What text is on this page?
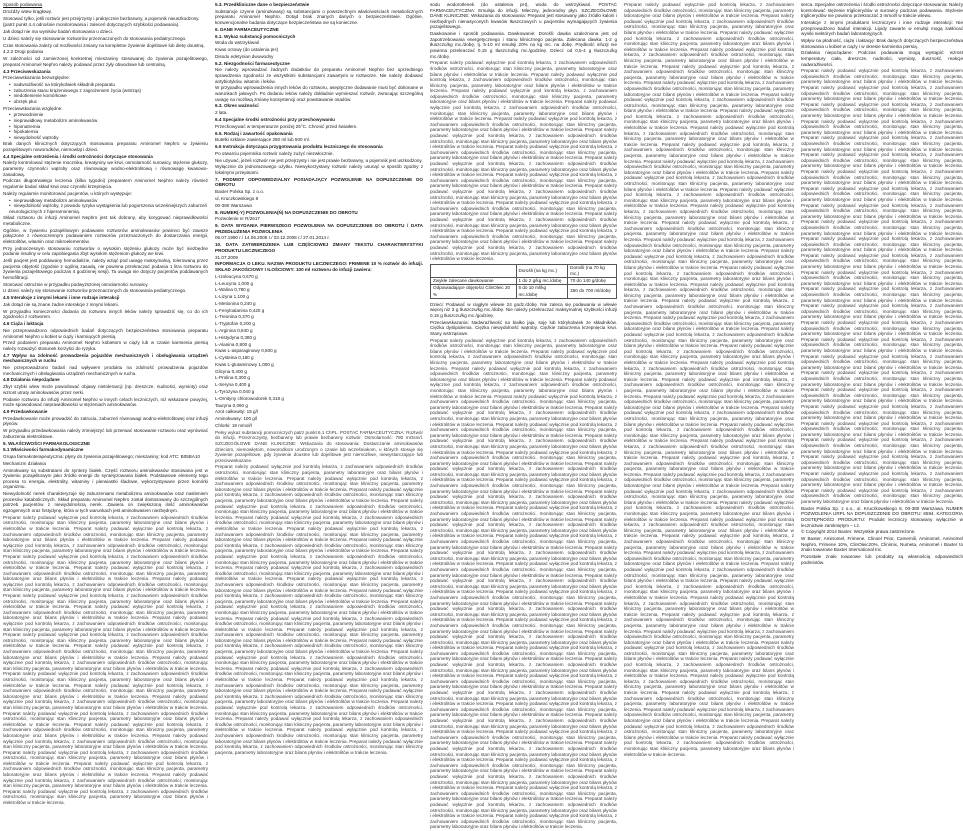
Sposób podawania

Drożdży wtew krągłowy.

Stosować tylko, jeśli roztwór jest przejrzysty i praktycznie bezbarwny, a pojemnik nieuszkodzony.

(patrz punkt 4.4 odnośnie monitorowania i zaleceń dotyczących szybkości podawania).

Jak dotąd nie ma wyników badań stosowania u dzieci.

U dzieci należy się stosowanie roztworów przeznaczonych do stosowania pediatrycznego.

Czas stosowania zależy od możliwości zmiany na kompletne żywienie dojelitowe lub dietę doustną.

4.2.2 Drogi podania

W zależności od zamierzonej konkretnej mieszaniny stosowanej do żywienia pozajelitowego, preparat Aminomel Nephro należy podawać przez żyły obwodowe lub centralną.

4.3 Przeciwwskazania

Przeciwwskazania bezwzględne:

• nadwrażliwość na którykolwiek składnik preparatu
• zaburzenia stanu krążeniowego z zagrożeniem życia (wstrząs)
• niedotlenienie komórkowe
• obrzęk płuc

Przeciwwskazania względne:

• przewodnienie
• nieprawidłowy metabolizm aminokwasów
• hiponatremia
• hipokalemia
• niewydolność wątroby

Brak danych klinicznych dotyczących stosowania preparatu Aminomel Nephro w żywieniu pozajelitowym noworodków, niemowląt i dzieci.

4.4 Specjalne ostrzeżenia i środki ostrożności dotyczące stosowania

Należy kontrolować stężenie mocznika, kreatyniny we krwi, osmolarność surowicy, stężenie glukozy, parametry czynności wątroby oraz równowagę wodno-elektrolitową i równowagę kwasowo-zasadową.

Podczas długotrwałego leczenia (kilka tygodni) preparatem Aminomel Nephro należy również regularnie badać skład krwi oraz czynniki krzepnięcia.

Należy regularnie monitorować pacjentów, u których występuje:

• nieprawidłowy metabolizm aminokwasów
• niewydolność wątroby, z powodu ryzyka wystąpienia lub pogorszenia wcześniejszych zaburzeń neurologicznych z hiperamonemią.

Skład roztworu do infuzji Aminomel Nephro jest tak dobrany, aby korygować nieprawidłowości metaboliczne.

Ogólnie, w żywieniu pozajelitowym podawanie roztworów aminokwasów powinno być zawsze połączone z równoczesnym podawaniem roztworów przeznaczonych do dostarczania energii, elektrolitów, witamin oraz mikroelementów.

Przy jednoczesnym stosowaniu roztworów o wysokim stężeniu glukozy może być niezbędne podanie insuliny w celu zapobiegania zbyt wysokim stężeniom glukozy we krwi.

Jeśli pacjent jest poddawany hemodializie, należy wziąć pod uwagę maksymalną, tolerowaną przez pacjenta objętość (zgodnie z ogólną zasadą, nie powinna przekraczać podania 1 litra roztworu do żywienia pozajelitowego podczas 4 godzinnej sesji). Ta uwaga nie dotyczy pacjentów poddawanych hemofiltracji.

Stosować ostrożnie w przypadku podwyższonej osmolarności surowicy.

U dzieci należy się stosowanie roztworów przeznaczonych do stosowania pediatrycznego.

4.5 Interakcje z innymi lekami i inne rodzaje interakcji

Jak dotąd nie są znane żadne interakcje z innymi lekami.

W przypadku konieczności dodania do roztworu innych leków należy sprawdzić się, co do ich zgodności z roztworem.

4.6 Ciąża i laktacja

Nie przeprowadzono odpowiednich badań dotyczących bezpieczeństwa stosowania preparatu Aminomel Nephro u kobiet w ciąży i karmiących piersią.

Przed podaniem preparatu Aminomel Nephro kobietom w ciąży lub w czasie karmienia piersią należy rozważyć stosunek korzyści do ryzyka.

4.7 Wpływ na zdolność prowadzenia pojazdów mechanicznych i obsługiwania urządzeń mechanicznych w ruchu

Nie przeprowadzono badań nad wpływem produktu na zdolność prowadzenia pojazdów mechanicznych i obsługiwania urządzeń mechanicznych w ruchu.

4.8 Działania niepożądane

Zbyt szybki wlew może powodować objawy nietolerancji (np. dreszcze, nudności, wymioty) oraz wzrost utraty aminokwasów przez nerki.

Podanie roztworu do infuzji Aminomel Nephro w innych celach leczniczych, niż wskazane powyżej, może spowodować nieprawidłowości w stężeniach aminokwasów.

4.9 Przedawkowanie

Przedawkowanie może prowadzić do zatrucia, zaburzeń równowagi wodno-elektrolitowej oraz infuzji płynów.

W przypadku przedawkowania należy zmniejszyć lub przerwać stosowanie roztworu oraz wyrównać zaburzenia elektrolitowe.

5. WŁAŚCIWOŚCI FARMAKOLOGICZNE

5.1 Właściwości farmakodynamiczne

Grupa farmakoterapeutyczna: płyny do żywienia pozajelitowego; mieszaniny; kod ATC: B05BA10

Mechanizm działania

Aminokwasy są substratami do syntezy białek. Część roztworu aminokwasów stosowana jest w żywieniu pozajelitowym jako źródło energii do syntetyzowania białek. Podstawowe elementy tego procesu to energia, elektrolity, witaminy i pierwiastki śladowe, wykorzystywane przez komórki organizmu.

Niewydolność nerek charakteryzuje się zaburzeniami metabolizmu aminokwasów oraz nasileniem procesów katabolicznych. Skład preparatu Aminomel Nephro został dostosowany do szczególnych potrzeb pacjentów z niewydolnością nerek. Zawiera on zwiększoną ilość aminokwasów egzogennych oraz histydynę, która w tych warunkach jest aminokwasem niezbędnym.

Preparat należy podawać wyłącznie pod kontrolą lekarza, z zachowaniem odpowiednich środków ostrożności, monitorując stan kliniczny pacjenta, parametry laboratoryjne oraz bilans płynów i elektrolitów w trakcie leczenia. Preparat należy podawać wyłącznie pod kontrolą lekarza, z zachowaniem odpowiednich środków ostrożności, monitorując stan kliniczny pacjenta, parametry laboratoryjne oraz bilans płynów i elektrolitów w trakcie leczenia. Preparat należy podawać wyłącznie pod kontrolą lekarza, z zachowaniem odpowiednich środków ostrożności, monitorując stan kliniczny pacjenta, parametry laboratoryjne oraz bilans płynów i elektrolitów w trakcie leczenia. Preparat należy podawać wyłącznie pod kontrolą lekarza, z zachowaniem odpowiednich środków ostrożności, monitorując stan kliniczny pacjenta, parametry laboratoryjne oraz bilans płynów i elektrolitów w trakcie leczenia. Preparat należy podawać wyłącznie pod kontrolą lekarza, z zachowaniem odpowiednich środków ostrożności, monitorując stan kliniczny pacjenta, parametry laboratoryjne oraz bilans płynów i elektrolitów w trakcie leczenia. Preparat należy podawać wyłącznie pod kontrolą lekarza, z zachowaniem odpowiednich środków ostrożności, monitorując stan kliniczny pacjenta, parametry laboratoryjne oraz bilans płynów i elektrolitów w trakcie leczenia. Preparat należy podawać wyłącznie pod kontrolą lekarza, z zachowaniem odpowiednich środków ostrożności, monitorując stan kliniczny pacjenta, parametry laboratoryjne oraz bilans płynów i elektrolitów w trakcie leczenia. Preparat należy podawać wyłącznie pod kontrolą lekarza, z zachowaniem odpowiednich środków ostrożności, monitorując stan kliniczny pacjenta, parametry laboratoryjne oraz bilans płynów i elektrolitów w trakcie leczenia. Preparat należy podawać wyłącznie pod kontrolą lekarza, z zachowaniem odpowiednich środków ostrożności, monitorując stan kliniczny pacjenta, parametry laboratoryjne oraz bilans płynów i elektrolitów w trakcie leczenia. Preparat należy podawać wyłącznie pod kontrolą lekarza, z zachowaniem odpowiednich środków ostrożności, monitorując stan kliniczny pacjenta, parametry laboratoryjne oraz bilans płynów i elektrolitów w trakcie leczenia. Preparat należy podawać wyłącznie pod kontrolą lekarza, z zachowaniem odpowiednich środków ostrożności, monitorując stan kliniczny pacjenta, parametry laboratoryjne oraz bilans płynów i elektrolitów w trakcie leczenia. Preparat należy podawać wyłącznie pod kontrolą lekarza, z zachowaniem odpowiednich środków ostrożności, monitorując stan kliniczny pacjenta, parametry laboratoryjne oraz bilans płynów i elektrolitów w trakcie leczenia. Preparat należy podawać wyłącznie pod kontrolą lekarza, z zachowaniem odpowiednich środków ostrożności, monitorując stan kliniczny pacjenta, parametry laboratoryjne oraz bilans płynów i elektrolitów w trakcie leczenia. Preparat należy podawać wyłącznie pod kontrolą lekarza, z zachowaniem odpowiednich środków ostrożności, monitorując stan kliniczny pacjenta, parametry laboratoryjne oraz bilans płynów i elektrolitów w trakcie leczenia. Preparat należy podawać wyłącznie pod kontrolą lekarza, z zachowaniem odpowiednich środków ostrożności, monitorując stan kliniczny pacjenta, parametry laboratoryjne oraz bilans płynów i elektrolitów w trakcie leczenia. Preparat należy podawać wyłącznie pod kontrolą lekarza, z zachowaniem odpowiednich środków ostrożności, monitorując stan kliniczny pacjenta, parametry laboratoryjne oraz bilans płynów i elektrolitów w trakcie leczenia. Preparat należy podawać wyłącznie pod kontrolą lekarza, z zachowaniem odpowiednich środków ostrożności, monitorując stan kliniczny pacjenta, parametry laboratoryjne oraz bilans płynów i elektrolitów w trakcie leczenia. Preparat należy podawać wyłącznie pod kontrolą lekarza, z zachowaniem odpowiednich środków ostrożności, monitorując stan kliniczny pacjenta, parametry laboratoryjne oraz bilans płynów i elektrolitów w trakcie leczenia. Preparat należy podawać wyłącznie pod kontrolą lekarza, z zachowaniem odpowiednich środków ostrożności, monitorując stan kliniczny pacjenta, parametry laboratoryjne oraz bilans płynów i elektrolitów w trakcie leczenia. Preparat należy podawać wyłącznie pod kontrolą lekarza, z zachowaniem odpowiednich środków ostrożności, monitorując stan kliniczny pacjenta, parametry laboratoryjne oraz bilans płynów i elektrolitów w trakcie leczenia. Preparat należy podawać wyłącznie pod kontrolą lekarza, z zachowaniem odpowiednich środków ostrożności, monitorując stan kliniczny pacjenta, parametry laboratoryjne oraz bilans płynów i elektrolitów w trakcie leczenia. Preparat należy podawać wyłącznie pod kontrolą lekarza, z zachowaniem odpowiednich środków ostrożności, monitorując stan kliniczny pacjenta, parametry laboratoryjne oraz bilans płynów i elektrolitów w trakcie leczenia.

5.3. Przedkliniczne dane o bezpieczeństwie

Substancje czynne (aminokwasy) są substancjami o powszechnym właściwościach metabolicznych preparatu Aminomel Nephro. Dotąd brak znanych danych o bezpieczeństwie. Ogólnie, konwencjonalne badania dotyczące bezpieczeństwa nie są konieczne.

6. DANE FARMACEUTYCZNE

6.1. Wykaz substancji pomocniczych

Woda do wstrzykiwań

Kwas octowy (do ustalenia pH)

Disodu edetynian dwuwodny

6.2. Niezgodności farmaceutyczne

Nie należy wprowadzać żadnych dodatków do preparatu Aminomel Nephro bez uprzedniego sprawdzenia zgodności ze wszystkimi substancjami zawartymi w roztworze. Nie należy dodawać antybiotyków, witamin i leków.

W przypadku wprowadzenia innych leków do roztworu, aseptyczne dodawanie musi być dokonane w warunkach jałowych. Po dodaniu leków należy dokładnie wymieszać roztwór, zwracając szczególną uwagę na możliwą zmianę konsystencji oraz powstawanie osadów.

6.3. Okres ważności

2 lata.

6.4 Specjalne środki ostrożności przy przechowywaniu

Przechowywać w temperaturze poniżej 25°C. Chronić przed światłem.

6.5. Rodzaj i zawartość opakowania

Butelki szklane zawierające 250 ml lub 500 ml.

6.6 Instrukcja dotycząca przygotowania produktu leczniczego do stosowania

Po otwarciu pojemnika roztwór należy zużyć niezwłocznie.

Nie używać, jeżeli roztwór nie jest przejrzysty i nie jest prawie bezbarwny, a pojemnik jest uszkodzony.

Wyłącznie do jednorazowego użytku. Niewykorzystany roztwór należy usunąć w sposób zgodny z lokalnymi przepisami.

7. PODMIOT ODPOWIEDZIALNY POSIADAJĄCY POZWOLENIE NA DOPUSZCZENIE DO OBROTU

Baxter Polska Sp. z o.o.

ul. Kruczkowskiego 8

00-380 Warszawa

8. NUMER(-Y) POZWOLENIA(Ń) NA DOPUSZCZENIE DO OBROTU

Pozwolenie nr R/2617

9. DATA WYDANIA PIERWSZEGO POZWOLENIA NA DOPUSZCZENIE DO OBROTU / DATA PRZEDŁUŻENIA POZWOLENIA

06.07.1990 r./ 14.06.2005 r./ 03.12.2008 r./ 27.01.2014 r.

10. DATA ZATWIERDZENIA LUB CZĘŚCIOWEJ ZMIANY TEKSTU CHARAKTERYSTYKI PRODUKTU LECZNICZEGO

31.07.2009

INFORMACJA O LEKU. NAZWA PRODUKTU LECZNICZEGO: FRIMENE 10 % roztwór do infuzji. SKŁAD JAKOŚCIOWY I ILOŚCIOWY: 100 ml roztworu do infuzji zawiera:

L-Izoleucyna 0,670 g

L-Leucyna 1,000 g

L-Walina 0,780 g

L-Lizyna 1,100 g

L-Metionina 0,240 g

L-Fenyloalanina 0,420 g

L-Treonina 0,370 g

L-Tryptofan 0,200 g

L-Arginina 0,840 g

L-Histydyna 0,380 g

L-Alanina 0,800 g

Kwas L-asparaginowy 0,600 g

L-Cysteina 0,180 g

Kwas L-glutaminowy 1,000 g

Glicyna 0,400 g

L-Prolina 0,300 g

L-Seryna 0,400 g

L-Tyrozyna 0,040 g

L-Ornityny chlorowodorek 0,318 g

Tauryna 0,060 g

Azot całkowity: 15 g/l

Aminokwasy: 100 g/l

Chlorki: 19 mmol/l

Pełny wykaz substancji pomocniczych patrz punkt 6.1 ChPL. POSTAĆ FARMACEUTYCZNA: Roztwór do infuzji. Przezroczysty, bezbarwny lub prawie bezbarwny roztwór. Osmolarność: 780 mOsm/l. SZCZEGÓŁOWE DANE KLINICZNE: Wskazania do stosowania: Dostarczanie aminokwasów dzieciom, niemowlętom, noworodkom urodzonym o czasie lub wcześniakom, u których stosuje się żywienie pozajelitowe, gdy żywienie doustne lub dojelitowe jest niemożliwe, niewystarczające lub przeciwwskazane.

Preparat należy podawać wyłącznie pod kontrolą lekarza, z zachowaniem odpowiednich środków ostrożności, monitorując stan kliniczny pacjenta, parametry laboratoryjne oraz bilans płynów i elektrolitów w trakcie leczenia. Preparat należy podawać wyłącznie pod kontrolą lekarza, z zachowaniem odpowiednich środków ostrożności, monitorując stan kliniczny pacjenta, parametry laboratoryjne oraz bilans płynów i elektrolitów w trakcie leczenia. Preparat należy podawać wyłącznie pod kontrolą lekarza, z zachowaniem odpowiednich środków ostrożności, monitorując stan kliniczny pacjenta, parametry laboratoryjne oraz bilans płynów i elektrolitów w trakcie leczenia. Preparat należy podawać wyłącznie pod kontrolą lekarza, z zachowaniem odpowiednich środków ostrożności, monitorując stan kliniczny pacjenta, parametry laboratoryjne oraz bilans płynów i elektrolitów w trakcie leczenia. Preparat należy podawać wyłącznie pod kontrolą lekarza, z zachowaniem odpowiednich środków ostrożności, monitorując stan kliniczny pacjenta, parametry laboratoryjne oraz bilans płynów i elektrolitów w trakcie leczenia. Preparat należy podawać wyłącznie pod kontrolą lekarza, z zachowaniem odpowiednich środków ostrożności, monitorując stan kliniczny pacjenta, parametry laboratoryjne oraz bilans płynów i elektrolitów w trakcie leczenia. Preparat należy podawać wyłącznie pod kontrolą lekarza, z zachowaniem odpowiednich środków ostrożności, monitorując stan kliniczny pacjenta, parametry laboratoryjne oraz bilans płynów i elektrolitów w trakcie leczenia. Preparat należy podawać wyłącznie pod kontrolą lekarza, z zachowaniem odpowiednich środków ostrożności, monitorując stan kliniczny pacjenta, parametry laboratoryjne oraz bilans płynów i elektrolitów w trakcie leczenia. Preparat należy podawać wyłącznie pod kontrolą lekarza, z zachowaniem odpowiednich środków ostrożności, monitorując stan kliniczny pacjenta, parametry laboratoryjne oraz bilans płynów i elektrolitów w trakcie leczenia. Preparat należy podawać wyłącznie pod kontrolą lekarza, z zachowaniem odpowiednich środków ostrożności, monitorując stan kliniczny pacjenta, parametry laboratoryjne oraz bilans płynów i elektrolitów w trakcie leczenia. Preparat należy podawać wyłącznie pod kontrolą lekarza, z zachowaniem odpowiednich środków ostrożności, monitorując stan kliniczny pacjenta, parametry laboratoryjne oraz bilans płynów i elektrolitów w trakcie leczenia. Preparat należy podawać wyłącznie pod kontrolą lekarza, z zachowaniem odpowiednich środków ostrożności, monitorując stan kliniczny pacjenta, parametry laboratoryjne oraz bilans płynów i elektrolitów w trakcie leczenia. Preparat należy podawać wyłącznie pod kontrolą lekarza, z zachowaniem odpowiednich środków ostrożności, monitorując stan kliniczny pacjenta, parametry laboratoryjne oraz bilans płynów i elektrolitów w trakcie leczenia. Preparat należy podawać wyłącznie pod kontrolą lekarza, z zachowaniem odpowiednich środków ostrożności, monitorując stan kliniczny pacjenta, parametry laboratoryjne oraz bilans płynów i elektrolitów w trakcie leczenia. Preparat należy podawać wyłącznie pod kontrolą lekarza, z zachowaniem odpowiednich środków ostrożności, monitorując stan kliniczny pacjenta, parametry laboratoryjne oraz bilans płynów i elektrolitów w trakcie leczenia. Preparat należy podawać wyłącznie pod kontrolą lekarza, z zachowaniem odpowiednich środków ostrożności, monitorując stan kliniczny pacjenta, parametry laboratoryjne oraz bilans płynów i elektrolitów w trakcie leczenia. Preparat należy podawać wyłącznie pod kontrolą lekarza, z zachowaniem odpowiednich środków ostrożności, monitorując stan kliniczny pacjenta, parametry laboratoryjne oraz bilans płynów i elektrolitów w trakcie leczenia. Preparat należy podawać wyłącznie pod kontrolą lekarza, z zachowaniem odpowiednich środków ostrożności, monitorując stan kliniczny pacjenta, parametry laboratoryjne oraz bilans płynów i elektrolitów w trakcie leczenia. Preparat należy podawać wyłącznie pod kontrolą lekarza, z zachowaniem odpowiednich środków ostrożności, monitorując stan kliniczny pacjenta, parametry laboratoryjne oraz bilans płynów i elektrolitów w trakcie leczenia. Preparat należy podawać wyłącznie pod kontrolą lekarza, z zachowaniem odpowiednich środków ostrożności, monitorując stan kliniczny pacjenta, parametry laboratoryjne oraz bilans płynów i elektrolitów w trakcie leczenia. Preparat należy podawać wyłącznie pod kontrolą lekarza, z zachowaniem odpowiednich środków ostrożności, monitorując stan kliniczny pacjenta, parametry laboratoryjne oraz bilans płynów i elektrolitów w trakcie leczenia. Preparat należy podawać wyłącznie pod kontrolą lekarza, z zachowaniem odpowiednich środków ostrożności, monitorując stan kliniczny pacjenta, parametry laboratoryjne oraz bilans płynów i elektrolitów w trakcie leczenia. Preparat należy podawać wyłącznie pod kontrolą lekarza, z zachowaniem odpowiednich środków ostrożności, monitorując stan kliniczny pacjenta, parametry laboratoryjne oraz bilans płynów i elektrolitów w trakcie leczenia.

sodu wodorotlenek (do ustalenia pH), woda do wstrzykiwań. POSTAĆ FARMACEUTYCZNA: Emulsja do infuzji. Mleczny, jednorodny płyn. SZCZEGÓŁOWE DANE KLINICZNE: Wskazania do stosowania: Preparat jest stosowany jako źródło kalorii i niezbędnych nienasyconych kwasów tłuszczowych u pacjentów wymagających żywienia pozajelitowego.

Dawkowanie i sposób podawania. Dawkowanie: Dorośli: dawka uzależniona jest od zapotrzebowania energetycznego i stanu klinicznego pacjenta. Zalecana dawka: 1-2 g tłuszczu/kg mc./dobę, tj. 5-10 ml emulsji 20% na kg mc. na dobę. Prędkość infuzji nie powinna przekraczać 0,15 g tłuszczu/kg mc./godzinę. Dzieci: od 0,5-4 g tłuszczu/kg mc./dobę.

Preparat należy podawać wyłącznie pod kontrolą lekarza, z zachowaniem odpowiednich środków ostrożności, monitorując stan kliniczny pacjenta, parametry laboratoryjne oraz bilans płynów i elektrolitów w trakcie leczenia. Preparat należy podawać wyłącznie pod kontrolą lekarza, z zachowaniem odpowiednich środków ostrożności, monitorując stan kliniczny pacjenta, parametry laboratoryjne oraz bilans płynów i elektrolitów w trakcie leczenia. Preparat należy podawać wyłącznie pod kontrolą lekarza, z zachowaniem odpowiednich środków ostrożności, monitorując stan kliniczny pacjenta, parametry laboratoryjne oraz bilans płynów i elektrolitów w trakcie leczenia. Preparat należy podawać wyłącznie pod kontrolą lekarza, z zachowaniem odpowiednich środków ostrożności, monitorując stan kliniczny pacjenta, parametry laboratoryjne oraz bilans płynów i elektrolitów w trakcie leczenia. Preparat należy podawać wyłącznie pod kontrolą lekarza, z zachowaniem odpowiednich środków ostrożności, monitorując stan kliniczny pacjenta, parametry laboratoryjne oraz bilans płynów i elektrolitów w trakcie leczenia. Preparat należy podawać wyłącznie pod kontrolą lekarza, z zachowaniem odpowiednich środków ostrożności, monitorując stan kliniczny pacjenta, parametry laboratoryjne oraz bilans płynów i elektrolitów w trakcie leczenia. Preparat należy podawać wyłącznie pod kontrolą lekarza, z zachowaniem odpowiednich środków ostrożności, monitorując stan kliniczny pacjenta, parametry laboratoryjne oraz bilans płynów i elektrolitów w trakcie leczenia. Preparat należy podawać wyłącznie pod kontrolą lekarza, z zachowaniem odpowiednich środków ostrożności, monitorując stan kliniczny pacjenta, parametry laboratoryjne oraz bilans płynów i elektrolitów w trakcie leczenia. Preparat należy podawać wyłącznie pod kontrolą lekarza, z zachowaniem odpowiednich środków ostrożności, monitorując stan kliniczny pacjenta, parametry laboratoryjne oraz bilans płynów i elektrolitów w trakcie leczenia. Preparat należy podawać wyłącznie pod kontrolą lekarza, z zachowaniem odpowiednich środków ostrożności, monitorując stan kliniczny pacjenta, parametry laboratoryjne oraz bilans płynów i elektrolitów w trakcie leczenia. Preparat należy podawać wyłącznie pod kontrolą lekarza, z zachowaniem odpowiednich środków ostrożności, monitorując stan kliniczny pacjenta, parametry laboratoryjne oraz bilans płynów i elektrolitów w trakcie leczenia. Preparat należy podawać wyłącznie pod kontrolą lekarza, z zachowaniem odpowiednich środków ostrożności, monitorując stan kliniczny pacjenta, parametry laboratoryjne oraz bilans płynów i elektrolitów w trakcie leczenia. Preparat należy podawać wyłącznie pod kontrolą lekarza, z zachowaniem odpowiednich środków ostrożności, monitorując stan kliniczny pacjenta, parametry laboratoryjne oraz bilans płynów i elektrolitów w trakcie leczenia. Preparat należy podawać wyłącznie pod kontrolą lekarza, z zachowaniem odpowiednich środków ostrożności, monitorując stan kliniczny pacjenta, parametry laboratoryjne oraz bilans płynów i elektrolitów w trakcie leczenia.

	Dorośli (na kg mc.)	Dorośli (na 70 kg mc.)
Zwykłe zalecane dawkowanie	1 do 2 g/kg mc./dobę	70 do 140 g/dobę
Odpowiadające objętości ClinOleic 20 %	5 do 10 ml/kg mc./dobę	350 do 700 ml/dobę

Dzieci: Podawać w ciągłym wlewie 24 godz./dobę. Nie zaleca się podawania w wlewie więcej niż 3 g tłuszczu/kg mc./dobę. Nie należy przekraczać maksymalnej szybkości infuzji 0,15 g tłuszczu/kg mc./godzinę.

Przeciwwskazania: Nadwrażliwość na białko jaja, soję lub którykolwiek ze składników. Ciężka dyslipidemia. Ciężka niewydolność wątroby. Ciężkie zaburzenia krzepnięcia krwi. Stany wstrząsowe.

Preparat należy podawać wyłącznie pod kontrolą lekarza, z zachowaniem odpowiednich środków ostrożności, monitorując stan kliniczny pacjenta, parametry laboratoryjne oraz bilans płynów i elektrolitów w trakcie leczenia. Preparat należy podawać wyłącznie pod kontrolą lekarza, z zachowaniem odpowiednich środków ostrożności, monitorując stan kliniczny pacjenta, parametry laboratoryjne oraz bilans płynów i elektrolitów w trakcie leczenia. Preparat należy podawać wyłącznie pod kontrolą lekarza, z zachowaniem odpowiednich środków ostrożności, monitorując stan kliniczny pacjenta, parametry laboratoryjne oraz bilans płynów i elektrolitów w trakcie leczenia. Preparat należy podawać wyłącznie pod kontrolą lekarza, z zachowaniem odpowiednich środków ostrożności, monitorując stan kliniczny pacjenta, parametry laboratoryjne oraz bilans płynów i elektrolitów w trakcie leczenia. Preparat należy podawać wyłącznie pod kontrolą lekarza, z zachowaniem odpowiednich środków ostrożności, monitorując stan kliniczny pacjenta, parametry laboratoryjne oraz bilans płynów i elektrolitów w trakcie leczenia. Preparat należy podawać wyłącznie pod kontrolą lekarza, z zachowaniem odpowiednich środków ostrożności, monitorując stan kliniczny pacjenta, parametry laboratoryjne oraz bilans płynów i elektrolitów w trakcie leczenia. Preparat należy podawać wyłącznie pod kontrolą lekarza, z zachowaniem odpowiednich środków ostrożności, monitorując stan kliniczny pacjenta, parametry laboratoryjne oraz bilans płynów i elektrolitów w trakcie leczenia. Preparat należy podawać wyłącznie pod kontrolą lekarza, z zachowaniem odpowiednich środków ostrożności, monitorując stan kliniczny pacjenta, parametry laboratoryjne oraz bilans płynów i elektrolitów w trakcie leczenia. Preparat należy podawać wyłącznie pod kontrolą lekarza, z zachowaniem odpowiednich środków ostrożności, monitorując stan kliniczny pacjenta, parametry laboratoryjne oraz bilans płynów i elektrolitów w trakcie leczenia. Preparat należy podawać wyłącznie pod kontrolą lekarza, z zachowaniem odpowiednich środków ostrożności, monitorując stan kliniczny pacjenta, parametry laboratoryjne oraz bilans płynów i elektrolitów w trakcie leczenia. Preparat należy podawać wyłącznie pod kontrolą lekarza, z zachowaniem odpowiednich środków ostrożności, monitorując stan kliniczny pacjenta, parametry laboratoryjne oraz bilans płynów i elektrolitów w trakcie leczenia. Preparat należy podawać wyłącznie pod kontrolą lekarza, z zachowaniem odpowiednich środków ostrożności, monitorując stan kliniczny pacjenta, parametry laboratoryjne oraz bilans płynów i elektrolitów w trakcie leczenia. Preparat należy podawać wyłącznie pod kontrolą lekarza, z zachowaniem odpowiednich środków ostrożności, monitorując stan kliniczny pacjenta, parametry laboratoryjne oraz bilans płynów i elektrolitów w trakcie leczenia. Preparat należy podawać wyłącznie pod kontrolą lekarza, z zachowaniem odpowiednich środków ostrożności, monitorując stan kliniczny pacjenta, parametry laboratoryjne oraz bilans płynów i elektrolitów w trakcie leczenia. Preparat należy podawać wyłącznie pod kontrolą lekarza, z zachowaniem odpowiednich środków ostrożności, monitorując stan kliniczny pacjenta, parametry laboratoryjne oraz bilans płynów i elektrolitów w trakcie leczenia. Preparat należy podawać wyłącznie pod kontrolą lekarza, z zachowaniem odpowiednich środków ostrożności, monitorując stan kliniczny pacjenta, parametry laboratoryjne oraz bilans płynów i elektrolitów w trakcie leczenia. Preparat należy podawać wyłącznie pod kontrolą lekarza, z zachowaniem odpowiednich środków ostrożności, monitorując stan kliniczny pacjenta, parametry laboratoryjne oraz bilans płynów i elektrolitów w trakcie leczenia. Preparat należy podawać wyłącznie pod kontrolą lekarza, z zachowaniem odpowiednich środków ostrożności, monitorując stan kliniczny pacjenta, parametry laboratoryjne oraz bilans płynów i elektrolitów w trakcie leczenia. Preparat należy podawać wyłącznie pod kontrolą lekarza, z zachowaniem odpowiednich środków ostrożności, monitorując stan kliniczny pacjenta, parametry laboratoryjne oraz bilans płynów i elektrolitów w trakcie leczenia. Preparat należy podawać wyłącznie pod kontrolą lekarza, z zachowaniem odpowiednich środków ostrożności, monitorując stan kliniczny pacjenta, parametry laboratoryjne oraz bilans płynów i elektrolitów w trakcie leczenia. Preparat należy podawać wyłącznie pod kontrolą lekarza, z zachowaniem odpowiednich środków ostrożności, monitorując stan kliniczny pacjenta, parametry laboratoryjne oraz bilans płynów i elektrolitów w trakcie leczenia. Preparat należy podawać wyłącznie pod kontrolą lekarza, z zachowaniem odpowiednich środków ostrożności, monitorując stan kliniczny pacjenta, parametry laboratoryjne oraz bilans płynów i elektrolitów w trakcie leczenia. Preparat należy podawać wyłącznie pod kontrolą lekarza, z zachowaniem odpowiednich środków ostrożności, monitorując stan kliniczny pacjenta, parametry laboratoryjne oraz bilans płynów i elektrolitów w trakcie leczenia. Preparat należy podawać wyłącznie pod kontrolą lekarza, z zachowaniem odpowiednich środków ostrożności, monitorując stan kliniczny pacjenta, parametry laboratoryjne oraz bilans płynów i elektrolitów w trakcie leczenia. Preparat należy podawać wyłącznie pod kontrolą lekarza, z zachowaniem odpowiednich środków ostrożności, monitorując stan kliniczny pacjenta, parametry laboratoryjne oraz bilans płynów i elektrolitów w trakcie leczenia. Preparat należy podawać wyłącznie pod kontrolą lekarza, z zachowaniem odpowiednich środków ostrożności, monitorując stan kliniczny pacjenta, parametry laboratoryjne oraz bilans płynów i elektrolitów w trakcie leczenia. Preparat należy podawać wyłącznie pod kontrolą lekarza, z zachowaniem odpowiednich środków ostrożności, monitorując stan kliniczny pacjenta, parametry laboratoryjne oraz bilans płynów i elektrolitów w trakcie leczenia. Preparat należy podawać wyłącznie pod kontrolą lekarza, z zachowaniem odpowiednich środków ostrożności, monitorując stan kliniczny pacjenta, parametry laboratoryjne oraz bilans płynów i elektrolitów w trakcie leczenia. Preparat należy podawać wyłącznie pod kontrolą lekarza, z zachowaniem odpowiednich środków ostrożności, monitorując stan kliniczny pacjenta, parametry laboratoryjne oraz bilans płynów i elektrolitów w trakcie leczenia. Preparat należy podawać wyłącznie pod kontrolą lekarza, z zachowaniem odpowiednich środków ostrożności, monitorując stan kliniczny pacjenta, parametry laboratoryjne oraz bilans płynów i elektrolitów w trakcie leczenia. Preparat należy podawać wyłącznie pod kontrolą lekarza, z zachowaniem odpowiednich środków ostrożności, monitorując stan kliniczny pacjenta, parametry laboratoryjne oraz bilans płynów i elektrolitów w trakcie leczenia. Preparat należy podawać wyłącznie pod kontrolą lekarza, z zachowaniem odpowiednich środków ostrożności, monitorując stan kliniczny pacjenta, parametry laboratoryjne oraz bilans płynów i elektrolitów w trakcie leczenia. Preparat należy podawać wyłącznie pod kontrolą lekarza, z zachowaniem odpowiednich środków ostrożności, monitorując stan kliniczny pacjenta, parametry laboratoryjne oraz bilans płynów i elektrolitów w trakcie leczenia. Preparat należy podawać wyłącznie pod kontrolą lekarza, z zachowaniem odpowiednich środków ostrożności, monitorując stan kliniczny pacjenta, parametry laboratoryjne oraz bilans płynów i elektrolitów w trakcie leczenia. Preparat należy podawać wyłącznie pod kontrolą lekarza, z zachowaniem odpowiednich środków ostrożności, monitorując stan kliniczny pacjenta, parametry laboratoryjne oraz bilans płynów i elektrolitów w trakcie leczenia.

Preparat należy podawać wyłącznie pod kontrolą lekarza, z zachowaniem odpowiednich środków ostrożności, monitorując stan kliniczny pacjenta, parametry laboratoryjne oraz bilans płynów i elektrolitów w trakcie leczenia. Preparat należy podawać wyłącznie pod kontrolą lekarza, z zachowaniem odpowiednich środków ostrożności, monitorując stan kliniczny pacjenta, parametry laboratoryjne oraz bilans płynów i elektrolitów w trakcie leczenia. Preparat należy podawać wyłącznie pod kontrolą lekarza, z zachowaniem odpowiednich środków ostrożności, monitorując stan kliniczny pacjenta, parametry laboratoryjne oraz bilans płynów i elektrolitów w trakcie leczenia. Preparat należy podawać wyłącznie pod kontrolą lekarza, z zachowaniem odpowiednich środków ostrożności, monitorując stan kliniczny pacjenta, parametry laboratoryjne oraz bilans płynów i elektrolitów w trakcie leczenia. Preparat należy podawać wyłącznie pod kontrolą lekarza, z zachowaniem odpowiednich środków ostrożności, monitorując stan kliniczny pacjenta, parametry laboratoryjne oraz bilans płynów i elektrolitów w trakcie leczenia. Preparat należy podawać wyłącznie pod kontrolą lekarza, z zachowaniem odpowiednich środków ostrożności, monitorując stan kliniczny pacjenta, parametry laboratoryjne oraz bilans płynów i elektrolitów w trakcie leczenia. Preparat należy podawać wyłącznie pod kontrolą lekarza, z zachowaniem odpowiednich środków ostrożności, monitorując stan kliniczny pacjenta, parametry laboratoryjne oraz bilans płynów i elektrolitów w trakcie leczenia. Preparat należy podawać wyłącznie pod kontrolą lekarza, z zachowaniem odpowiednich środków ostrożności, monitorując stan kliniczny pacjenta, parametry laboratoryjne oraz bilans płynów i elektrolitów w trakcie leczenia. Preparat należy podawać wyłącznie pod kontrolą lekarza, z zachowaniem odpowiednich środków ostrożności, monitorując stan kliniczny pacjenta, parametry laboratoryjne oraz bilans płynów i elektrolitów w trakcie leczenia. Preparat należy podawać wyłącznie pod kontrolą lekarza, z zachowaniem odpowiednich środków ostrożności, monitorując stan kliniczny pacjenta, parametry laboratoryjne oraz bilans płynów i elektrolitów w trakcie leczenia. Preparat należy podawać wyłącznie pod kontrolą lekarza, z zachowaniem odpowiednich środków ostrożności, monitorując stan kliniczny pacjenta, parametry laboratoryjne oraz bilans płynów i elektrolitów w trakcie leczenia. Preparat należy podawać wyłącznie pod kontrolą lekarza, z zachowaniem odpowiednich środków ostrożności, monitorując stan kliniczny pacjenta, parametry laboratoryjne oraz bilans płynów i elektrolitów w trakcie leczenia. Preparat należy podawać wyłącznie pod kontrolą lekarza, z zachowaniem odpowiednich środków ostrożności, monitorując stan kliniczny pacjenta, parametry laboratoryjne oraz bilans płynów i elektrolitów w trakcie leczenia. Preparat należy podawać wyłącznie pod kontrolą lekarza, z zachowaniem odpowiednich środków ostrożności, monitorując stan kliniczny pacjenta, parametry laboratoryjne oraz bilans płynów i elektrolitów w trakcie leczenia. Preparat należy podawać wyłącznie pod kontrolą lekarza, z zachowaniem odpowiednich środków ostrożności, monitorując stan kliniczny pacjenta, parametry laboratoryjne oraz bilans płynów i elektrolitów w trakcie leczenia. Preparat należy podawać wyłącznie pod kontrolą lekarza, z zachowaniem odpowiednich środków ostrożności, monitorując stan kliniczny pacjenta, parametry laboratoryjne oraz bilans płynów i elektrolitów w trakcie leczenia. Preparat należy podawać wyłącznie pod kontrolą lekarza, z zachowaniem odpowiednich środków ostrożności, monitorując stan kliniczny pacjenta, parametry laboratoryjne oraz bilans płynów i elektrolitów w trakcie leczenia. Preparat należy podawać wyłącznie pod kontrolą lekarza, z zachowaniem odpowiednich środków ostrożności, monitorując stan kliniczny pacjenta, parametry laboratoryjne oraz bilans płynów i elektrolitów w trakcie leczenia. Preparat należy podawać wyłącznie pod kontrolą lekarza, z zachowaniem odpowiednich środków ostrożności, monitorując stan kliniczny pacjenta, parametry laboratoryjne oraz bilans płynów i elektrolitów w trakcie leczenia. Preparat należy podawać wyłącznie pod kontrolą lekarza, z zachowaniem odpowiednich środków ostrożności, monitorując stan kliniczny pacjenta, parametry laboratoryjne oraz bilans płynów i elektrolitów w trakcie leczenia. Preparat należy podawać wyłącznie pod kontrolą lekarza, z zachowaniem odpowiednich środków ostrożności, monitorując stan kliniczny pacjenta, parametry laboratoryjne oraz bilans płynów i elektrolitów w trakcie leczenia. Preparat należy podawać wyłącznie pod kontrolą lekarza, z zachowaniem odpowiednich środków ostrożności, monitorując stan kliniczny pacjenta, parametry laboratoryjne oraz bilans płynów i elektrolitów w trakcie leczenia. Preparat należy podawać wyłącznie pod kontrolą lekarza, z zachowaniem odpowiednich środków ostrożności, monitorując stan kliniczny pacjenta, parametry laboratoryjne oraz bilans płynów i elektrolitów w trakcie leczenia. Preparat należy podawać wyłącznie pod kontrolą lekarza, z zachowaniem odpowiednich środków ostrożności, monitorując stan kliniczny pacjenta, parametry laboratoryjne oraz bilans płynów i elektrolitów w trakcie leczenia. Preparat należy podawać wyłącznie pod kontrolą lekarza, z zachowaniem odpowiednich środków ostrożności, monitorując stan kliniczny pacjenta, parametry laboratoryjne oraz bilans płynów i elektrolitów w trakcie leczenia. Preparat należy podawać wyłącznie pod kontrolą lekarza, z zachowaniem odpowiednich środków ostrożności, monitorując stan kliniczny pacjenta, parametry laboratoryjne oraz bilans płynów i elektrolitów w trakcie leczenia. Preparat należy podawać wyłącznie pod kontrolą lekarza, z zachowaniem odpowiednich środków ostrożności, monitorując stan kliniczny pacjenta, parametry laboratoryjne oraz bilans płynów i elektrolitów w trakcie leczenia. Preparat należy podawać wyłącznie pod kontrolą lekarza, z zachowaniem odpowiednich środków ostrożności, monitorując stan kliniczny pacjenta, parametry laboratoryjne oraz bilans płynów i elektrolitów w trakcie leczenia. Preparat należy podawać wyłącznie pod kontrolą lekarza, z zachowaniem odpowiednich środków ostrożności, monitorując stan kliniczny pacjenta, parametry laboratoryjne oraz bilans płynów i elektrolitów w trakcie leczenia. Preparat należy podawać wyłącznie pod kontrolą lekarza, z zachowaniem odpowiednich środków ostrożności, monitorując stan kliniczny pacjenta, parametry laboratoryjne oraz bilans płynów i elektrolitów w trakcie leczenia. Preparat należy podawać wyłącznie pod kontrolą lekarza, z zachowaniem odpowiednich środków ostrożności, monitorując stan kliniczny pacjenta, parametry laboratoryjne oraz bilans płynów i elektrolitów w trakcie leczenia. Preparat należy podawać wyłącznie pod kontrolą lekarza, z zachowaniem odpowiednich środków ostrożności, monitorując stan kliniczny pacjenta, parametry laboratoryjne oraz bilans płynów i elektrolitów w trakcie leczenia. Preparat należy podawać wyłącznie pod kontrolą lekarza, z zachowaniem odpowiednich środków ostrożności, monitorując stan kliniczny pacjenta, parametry laboratoryjne oraz bilans płynów i elektrolitów w trakcie leczenia. Preparat należy podawać wyłącznie pod kontrolą lekarza, z zachowaniem odpowiednich środków ostrożności, monitorując stan kliniczny pacjenta, parametry laboratoryjne oraz bilans płynów i elektrolitów w trakcie leczenia. Preparat należy podawać wyłącznie pod kontrolą lekarza, z zachowaniem odpowiednich środków ostrożności, monitorując stan kliniczny pacjenta, parametry laboratoryjne oraz bilans płynów i elektrolitów w trakcie leczenia. Preparat należy podawać wyłącznie pod kontrolą lekarza, z zachowaniem odpowiednich środków ostrożności, monitorując stan kliniczny pacjenta, parametry laboratoryjne oraz bilans płynów i elektrolitów w trakcie leczenia. Preparat należy podawać wyłącznie pod kontrolą lekarza, z zachowaniem odpowiednich środków ostrożności, monitorując stan kliniczny pacjenta, parametry laboratoryjne oraz bilans płynów i elektrolitów w trakcie leczenia. Preparat należy podawać wyłącznie pod kontrolą lekarza, z zachowaniem odpowiednich środków ostrożności, monitorując stan kliniczny pacjenta, parametry laboratoryjne oraz bilans płynów i elektrolitów w trakcie leczenia. Preparat należy podawać wyłącznie pod kontrolą lekarza, z zachowaniem odpowiednich środków ostrożności, monitorując stan kliniczny pacjenta, parametry laboratoryjne oraz bilans płynów i elektrolitów w trakcie leczenia. Preparat należy podawać wyłącznie pod kontrolą lekarza, z zachowaniem odpowiednich środków ostrożności, monitorując stan kliniczny pacjenta, parametry laboratoryjne oraz bilans płynów i elektrolitów w trakcie leczenia. Preparat należy podawać wyłącznie pod kontrolą lekarza, z zachowaniem odpowiednich środków ostrożności, monitorując stan kliniczny pacjenta, parametry laboratoryjne oraz bilans płynów i elektrolitów w trakcie leczenia. Preparat należy podawać wyłącznie pod kontrolą lekarza, z zachowaniem odpowiednich środków ostrożności, monitorując stan kliniczny pacjenta, parametry laboratoryjne oraz bilans płynów i elektrolitów w trakcie leczenia. Preparat należy podawać wyłącznie pod kontrolą lekarza, z zachowaniem odpowiednich środków ostrożności, monitorując stan kliniczny pacjenta, parametry laboratoryjne oraz bilans płynów i elektrolitów w trakcie leczenia. Preparat należy podawać wyłącznie pod kontrolą lekarza, z zachowaniem odpowiednich środków ostrożności, monitorując stan kliniczny pacjenta, parametry laboratoryjne oraz bilans płynów i elektrolitów w trakcie leczenia. Preparat należy podawać wyłącznie pod kontrolą lekarza, z zachowaniem odpowiednich środków ostrożności, monitorując stan kliniczny pacjenta, parametry laboratoryjne oraz bilans płynów i elektrolitów w trakcie leczenia. Preparat należy podawać wyłącznie pod kontrolą lekarza, z zachowaniem odpowiednich środków ostrożności, monitorując stan kliniczny pacjenta, parametry laboratoryjne oraz bilans płynów i elektrolitów w trakcie leczenia. Preparat należy podawać wyłącznie pod kontrolą lekarza, z zachowaniem odpowiednich środków ostrożności, monitorując stan kliniczny pacjenta, parametry laboratoryjne oraz bilans płynów i elektrolitów w trakcie leczenia. Preparat należy podawać wyłącznie pod kontrolą lekarza, z zachowaniem odpowiednich środków ostrożności, monitorując stan kliniczny pacjenta, parametry laboratoryjne oraz bilans płynów i elektrolitów w trakcie leczenia.

serca. Specjalne ostrzeżenia i środki ostrożności dotyczące stosowania: Należy kontrolować stężenie triglicerydów w surowicy podczas podawania. Stężenie triglicerydów nie powinno przekraczać 3 mmol/l w trakcie wlewu.

Interakcje z innymi produktami leczniczymi i inne rodzaje interakcji: Nie przeprowadzono badań interakcji. Lipidy zawarte w emulsji mogą zakłócać wyniki niektórych badań laboratoryjnych.

Wpływ na płodność, ciążę i laktację: Brak danych dotyczących bezpieczeństwa stosowania u kobiet w ciąży i w okresie karmienia piersią.

Działania niepożądane: Podczas podawania mogą wystąpić: wzrost temperatury ciała, dreszcze, nudności, wymioty, duszność, reakcje nadwrażliwości.

Preparat należy podawać wyłącznie pod kontrolą lekarza, z zachowaniem odpowiednich środków ostrożności, monitorując stan kliniczny pacjenta, parametry laboratoryjne oraz bilans płynów i elektrolitów w trakcie leczenia. Preparat należy podawać wyłącznie pod kontrolą lekarza, z zachowaniem odpowiednich środków ostrożności, monitorując stan kliniczny pacjenta, parametry laboratoryjne oraz bilans płynów i elektrolitów w trakcie leczenia. Preparat należy podawać wyłącznie pod kontrolą lekarza, z zachowaniem odpowiednich środków ostrożności, monitorując stan kliniczny pacjenta, parametry laboratoryjne oraz bilans płynów i elektrolitów w trakcie leczenia. Preparat należy podawać wyłącznie pod kontrolą lekarza, z zachowaniem odpowiednich środków ostrożności, monitorując stan kliniczny pacjenta, parametry laboratoryjne oraz bilans płynów i elektrolitów w trakcie leczenia. Preparat należy podawać wyłącznie pod kontrolą lekarza, z zachowaniem odpowiednich środków ostrożności, monitorując stan kliniczny pacjenta, parametry laboratoryjne oraz bilans płynów i elektrolitów w trakcie leczenia. Preparat należy podawać wyłącznie pod kontrolą lekarza, z zachowaniem odpowiednich środków ostrożności, monitorując stan kliniczny pacjenta, parametry laboratoryjne oraz bilans płynów i elektrolitów w trakcie leczenia. Preparat należy podawać wyłącznie pod kontrolą lekarza, z zachowaniem odpowiednich środków ostrożności, monitorując stan kliniczny pacjenta, parametry laboratoryjne oraz bilans płynów i elektrolitów w trakcie leczenia. Preparat należy podawać wyłącznie pod kontrolą lekarza, z zachowaniem odpowiednich środków ostrożności, monitorując stan kliniczny pacjenta, parametry laboratoryjne oraz bilans płynów i elektrolitów w trakcie leczenia. Preparat należy podawać wyłącznie pod kontrolą lekarza, z zachowaniem odpowiednich środków ostrożności, monitorując stan kliniczny pacjenta, parametry laboratoryjne oraz bilans płynów i elektrolitów w trakcie leczenia. Preparat należy podawać wyłącznie pod kontrolą lekarza, z zachowaniem odpowiednich środków ostrożności, monitorując stan kliniczny pacjenta, parametry laboratoryjne oraz bilans płynów i elektrolitów w trakcie leczenia. Preparat należy podawać wyłącznie pod kontrolą lekarza, z zachowaniem odpowiednich środków ostrożności, monitorując stan kliniczny pacjenta, parametry laboratoryjne oraz bilans płynów i elektrolitów w trakcie leczenia. Preparat należy podawać wyłącznie pod kontrolą lekarza, z zachowaniem odpowiednich środków ostrożności, monitorując stan kliniczny pacjenta, parametry laboratoryjne oraz bilans płynów i elektrolitów w trakcie leczenia. Preparat należy podawać wyłącznie pod kontrolą lekarza, z zachowaniem odpowiednich środków ostrożności, monitorując stan kliniczny pacjenta, parametry laboratoryjne oraz bilans płynów i elektrolitów w trakcie leczenia. Preparat należy podawać wyłącznie pod kontrolą lekarza, z zachowaniem odpowiednich środków ostrożności, monitorując stan kliniczny pacjenta, parametry laboratoryjne oraz bilans płynów i elektrolitów w trakcie leczenia. Preparat należy podawać wyłącznie pod kontrolą lekarza, z zachowaniem odpowiednich środków ostrożności, monitorując stan kliniczny pacjenta, parametry laboratoryjne oraz bilans płynów i elektrolitów w trakcie leczenia. Preparat należy podawać wyłącznie pod kontrolą lekarza, z zachowaniem odpowiednich środków ostrożności, monitorując stan kliniczny pacjenta, parametry laboratoryjne oraz bilans płynów i elektrolitów w trakcie leczenia. Preparat należy podawać wyłącznie pod kontrolą lekarza, z zachowaniem odpowiednich środków ostrożności, monitorując stan kliniczny pacjenta, parametry laboratoryjne oraz bilans płynów i elektrolitów w trakcie leczenia. Preparat należy podawać wyłącznie pod kontrolą lekarza, z zachowaniem odpowiednich środków ostrożności, monitorując stan kliniczny pacjenta, parametry laboratoryjne oraz bilans płynów i elektrolitów w trakcie leczenia. Preparat należy podawać wyłącznie pod kontrolą lekarza, z zachowaniem odpowiednich środków ostrożności, monitorując stan kliniczny pacjenta, parametry laboratoryjne oraz bilans płynów i elektrolitów w trakcie leczenia. Preparat należy podawać wyłącznie pod kontrolą lekarza, z zachowaniem odpowiednich środków ostrożności, monitorując stan kliniczny pacjenta, parametry laboratoryjne oraz bilans płynów i elektrolitów w trakcie leczenia. Preparat należy podawać wyłącznie pod kontrolą lekarza, z zachowaniem odpowiednich środków ostrożności, monitorując stan kliniczny pacjenta, parametry laboratoryjne oraz bilans płynów i elektrolitów w trakcie leczenia. Preparat należy podawać wyłącznie pod kontrolą lekarza, z zachowaniem odpowiednich środków ostrożności, monitorując stan kliniczny pacjenta, parametry laboratoryjne oraz bilans płynów i elektrolitów w trakcie leczenia. Preparat należy podawać wyłącznie pod kontrolą lekarza, z zachowaniem odpowiednich środków ostrożności, monitorując stan kliniczny pacjenta, parametry laboratoryjne oraz bilans płynów i elektrolitów w trakcie leczenia. Preparat należy podawać wyłącznie pod kontrolą lekarza, z zachowaniem odpowiednich środków ostrożności, monitorując stan kliniczny pacjenta, parametry laboratoryjne oraz bilans płynów i elektrolitów w trakcie leczenia. Preparat należy podawać wyłącznie pod kontrolą lekarza, z zachowaniem odpowiednich środków ostrożności, monitorując stan kliniczny pacjenta, parametry laboratoryjne oraz bilans płynów i elektrolitów w trakcie leczenia. Preparat należy podawać wyłącznie pod kontrolą lekarza, z zachowaniem odpowiednich środków ostrożności, monitorując stan kliniczny pacjenta, parametry laboratoryjne oraz bilans płynów i elektrolitów w trakcie leczenia.

Baxter Polska Sp. z o.o., ul. Kruczkowskiego 8, 00-380 Warszawa. NUMER POZWOLENIA URPL NA DOPUSZCZENIE DO OBROTU: 6594. KATEGORIA DOSTĘPNOŚCI PRODUKTU: Produkt leczniczy stosowany wyłącznie w lecznictwie zamkniętym – Lz.

© Copyright 2014 Baxter. Wszystkie prawa zastrzeżone.

W Baxter, Aminomel, Frimene, Clinoel Prior, Camemili, Aminomel, Aminomel Nephro, Frimene 10%, ClinOleic20%, Clinimix, Numeta, Aminomel i Baxter to znaki towarowe Baxter International Inc.

Pozostałe znaki towarowe lub produkty są własnością odpowiednich podmiotów.
